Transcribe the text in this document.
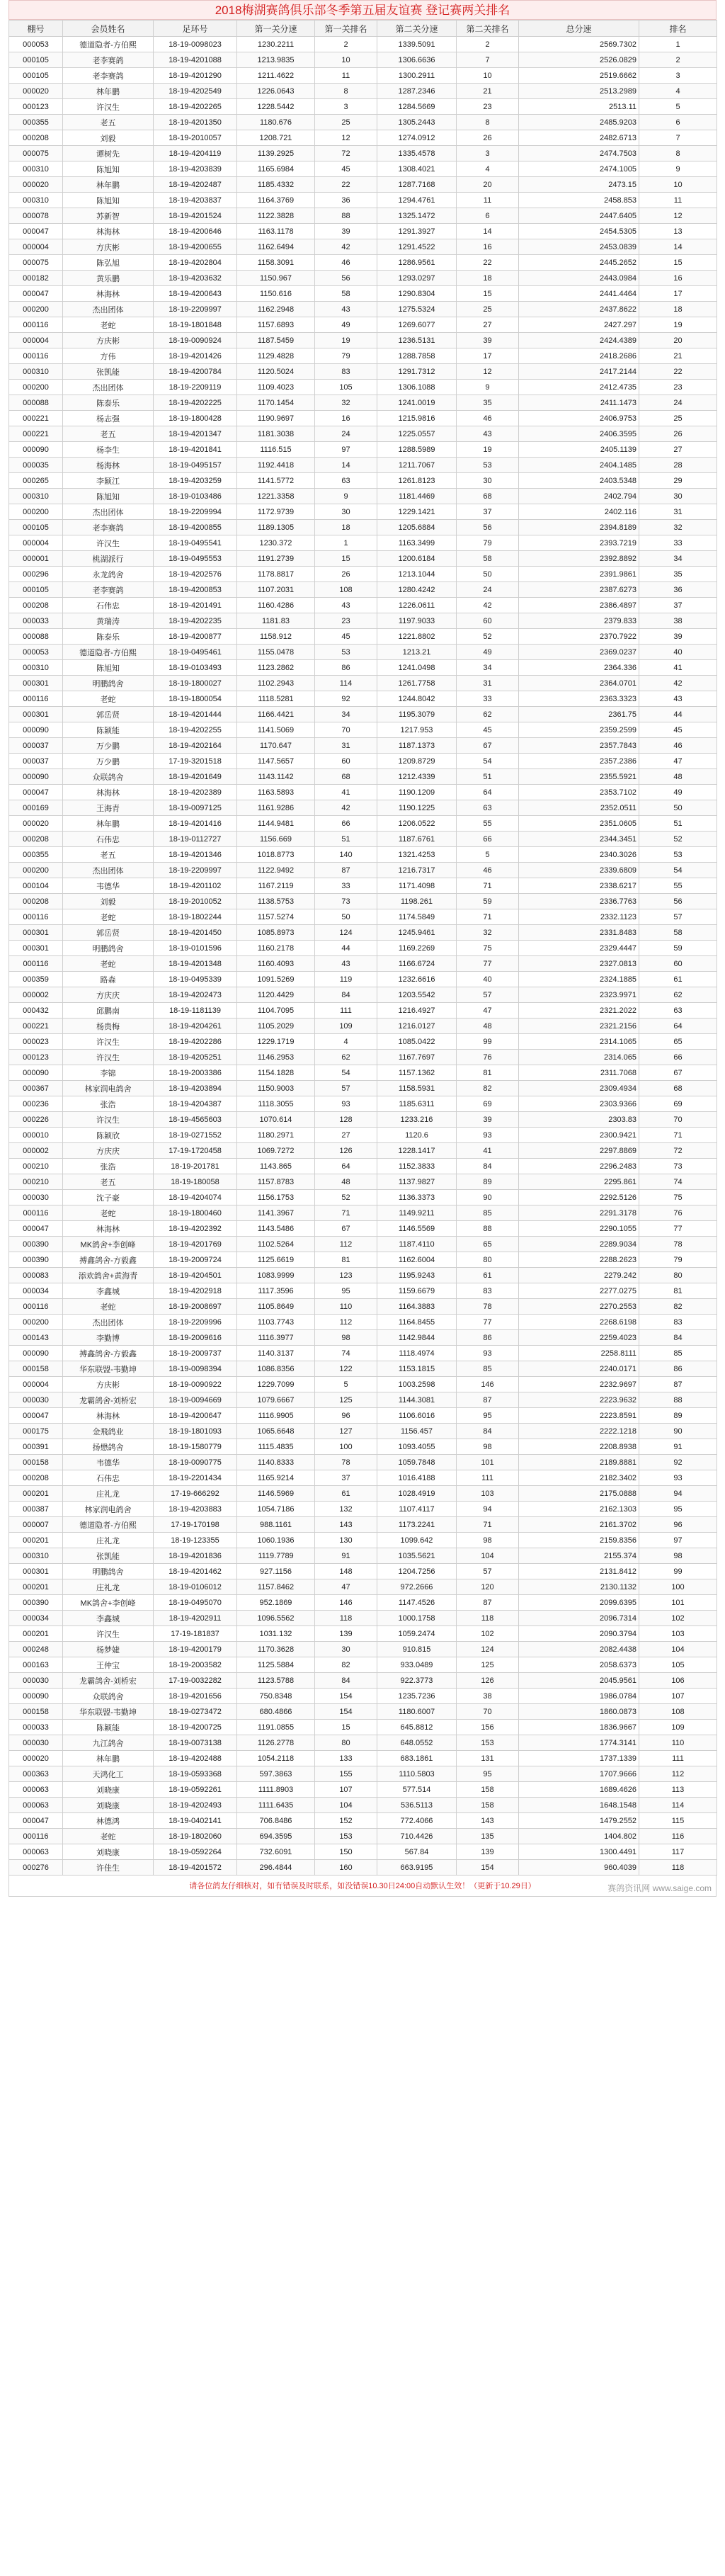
2018梅湖赛鸽俱乐部冬季第五届友谊赛 登记赛两关排名
棚号	会员姓名	足环号	第一关分速	第一关排名	第二关分速	第二关排名	总分速	排名
000053	德道隐者-方伯熙	18-19-0098023	1230.2211	2	1339.5091	2	2569.7302	1
000105	老李赛鸽	18-19-4201088	1213.9835	10	1306.6636	7	2526.0829	2
000105	老李赛鸽	18-19-4201290	1211.4622	11	1300.2911	10	2519.6662	3
000020	林年鹏	18-19-4202549	1226.0643	8	1287.2346	21	2513.2989	4
000123	许汉生	18-19-4202265	1228.5442	3	1284.5669	23	2513.11	5
000355	老五	18-19-4201350	1180.676	25	1305.2443	8	2485.9203	6
000208	刘毅	18-19-2010057	1208.721	12	1274.0912	26	2482.6713	7
000075	谭树先	18-19-4204119	1139.2925	72	1335.4578	3	2474.7503	8
000310	陈旭知	18-19-4203839	1165.6984	45	1308.4021	4	2474.1005	9
000020	林年鹏	18-19-4202487	1185.4332	22	1287.7168	20	2473.15	10
000310	陈旭知	18-19-4203837	1164.3769	36	1294.4761	11	2458.853	11
000078	苏新智	18-19-4201524	1122.3828	88	1325.1472	6	2447.6405	12
000047	林海林	18-19-4200646	1163.1178	39	1291.3927	14	2454.5305	13
000004	方庆彬	18-19-4200655	1162.6494	42	1291.4522	16	2453.0839	14
000075	陈弘旭	18-19-4202804	1158.3091	46	1286.9561	22	2445.2652	15
000182	黄乐鹏	18-19-4203632	1150.967	56	1293.0297	18	2443.0984	16
000047	林海林	18-19-4200643	1150.616	58	1290.8304	15	2441.4464	17
000200	杰出团体	18-19-2209997	1162.2948	43	1275.5324	25	2437.8622	18
000116	老蛇	18-19-1801848	1157.6893	49	1269.6077	27	2427.297	19
000004	方庆彬	18-19-0090924	1187.5459	19	1236.5131	39	2424.4389	20
000116	方伟	18-19-4201426	1129.4828	79	1288.7858	17	2418.2686	21
000310	张凯能	18-19-4200784	1120.5024	83	1291.7312	12	2417.2144	22
000200	杰出团体	18-19-2209119	1109.4023	105	1306.1088	9	2412.4735	23
000088	陈泰乐	18-19-4202225	1170.1454	32	1241.0019	35	2411.1473	24
000221	杨志强	18-19-1800428	1190.9697	16	1215.9816	46	2406.9753	25
000221	老五	18-19-4201347	1181.3038	24	1225.0557	43	2406.3595	26
000090	杨李生	18-19-4201841	1116.515	97	1288.5989	19	2405.1139	27
000035	杨海林	18-19-0495157	1192.4418	14	1211.7067	53	2404.1485	28
000265	李颖江	18-19-4203259	1141.5772	63	1261.8123	30	2403.5348	29
000310	陈旭知	18-19-0103486	1221.3358	9	1181.4469	68	2402.794	30
000200	杰出团体	18-19-2209994	1172.9739	30	1229.1421	37	2402.116	31
000105	老李赛鸽	18-19-4200855	1189.1305	18	1205.6884	56	2394.8189	32
000004	许汉生	18-19-0495541	1230.372	1	1163.3499	79	2393.7219	33
000001	桃湖派行	18-19-0495553	1191.2739	15	1200.6184	58	2392.8892	34
000296	永龙鸽舍	18-19-4202576	1178.8817	26	1213.1044	50	2391.9861	35
000105	老李赛鸽	18-19-4200853	1107.2031	108	1280.4242	24	2387.6273	36
000208	石伟忠	18-19-4201491	1160.4286	43	1226.0611	42	2386.4897	37
000033	黄瑞涛	18-19-4202235	1181.83	23	1197.9033	60	2379.833	38
000088	陈泰乐	18-19-4200877	1158.912	45	1221.8802	52	2370.7922	39
000053	德道隐者-方伯熙	18-19-0495461	1155.0478	53	1213.21	49	2369.0237	40
000310	陈旭知	18-19-0103493	1123.2862	86	1241.0498	34	2364.336	41
000301	明鹏鸽舍	18-19-1800027	1102.2943	114	1261.7758	31	2364.0701	42
000116	老蛇	18-19-1800054	1118.5281	92	1244.8042	33	2363.3323	43
000301	郭岳贤	18-19-4201444	1166.4421	34	1195.3079	62	2361.75	44
000090	陈颖能	18-19-4202255	1141.5069	70	1217.953	45	2359.2599	45
000037	万少鹏	18-19-4202164	1170.647	31	1187.1373	67	2357.7843	46
000037	万少鹏	17-19-3201518	1147.5657	60	1209.8729	54	2357.2386	47
000090	众联鸽舍	18-19-4201649	1143.1142	68	1212.4339	51	2355.5921	48
000047	林海林	18-19-4202389	1163.5893	41	1190.1209	64	2353.7102	49
000169	王海青	18-19-0097125	1161.9286	42	1190.1225	63	2352.0511	50
000020	林年鹏	18-19-4201416	1144.9481	66	1206.0522	55	2351.0605	51
000208	石伟忠	18-19-0112727	1156.669	51	1187.6761	66	2344.3451	52
000355	老五	18-19-4201346	1018.8773	140	1321.4253	5	2340.3026	53
000200	杰出团体	18-19-2209997	1122.9492	87	1216.7317	46	2339.6809	54
000104	韦德华	18-19-4201102	1167.2119	33	1171.4098	71	2338.6217	55
000208	刘毅	18-19-2010052	1138.5753	73	1198.261	59	2336.7763	56
000116	老蛇	18-19-1802244	1157.5274	50	1174.5849	71	2332.1123	57
000301	郭岳贤	18-19-4201450	1085.8973	124	1245.9461	32	2331.8483	58
000301	明鹏鸽舍	18-19-0101596	1160.2178	44	1169.2269	75	2329.4447	59
000116	老蛇	18-19-4201348	1160.4093	43	1166.6724	77	2327.0813	60
000359	路森	18-19-0495339	1091.5269	119	1232.6616	40	2324.1885	61
000002	方庆庆	18-19-4202473	1120.4429	84	1203.5542	57	2323.9971	62
000432	邱鹏南	18-19-1181139	1104.7095	111	1216.4927	47	2321.2022	63
000221	杨贵梅	18-19-4204261	1105.2029	109	1216.0127	48	2321.2156	64
000023	许汉生	18-19-4202286	1229.1719	4	1085.0422	99	2314.1065	65
000123	许汉生	18-19-4205251	1146.2953	62	1167.7697	76	2314.065	66
000090	李锦	18-19-2003386	1154.1828	54	1157.1362	81	2311.7068	67
000367	林家润电鸽舍	18-19-4203894	1150.9003	57	1158.5931	82	2309.4934	68
000236	张浩	18-19-4204387	1118.3055	93	1185.6311	69	2303.9366	69
000226	许汉生	18-19-4565603	1070.614	128	1233.216	39	2303.83	70
000010	陈颖欣	18-19-0271552	1180.2971	27	1120.6	93	2300.9421	71
000002	方庆庆	17-19-1720458	1069.7272	126	1228.1417	41	2297.8869	72
000210	张浩	18-19-201781	1143.865	64	1152.3833	84	2296.2483	73
000210	老五	18-19-180058	1157.8783	48	1137.9827	89	2295.861	74
000030	沈子豪	18-19-4204074	1156.1753	52	1136.3373	90	2292.5126	75
000116	老蛇	18-19-1800460	1141.3967	71	1149.9211	85	2291.3178	76
000047	林海林	18-19-4202392	1143.5486	67	1146.5569	88	2290.1055	77
000390	MK鸽舍+李创峰	18-19-4201769	1102.5264	112	1187.4110	65	2289.9034	78
000390	搏鑫鸽舍-方毅鑫	18-19-2009724	1125.6619	81	1162.6004	80	2288.2623	79
000083	添欢鸽舍+黄海青	18-19-4204501	1083.9999	123	1195.9243	61	2279.242	80
000034	李鑫城	18-19-4202918	1117.3596	95	1159.6679	83	2277.0275	81
000116	老蛇	18-19-2008697	1105.8649	110	1164.3883	78	2270.2553	82
000200	杰出团体	18-19-2209996	1103.7743	112	1164.8455	77	2268.6198	83
000143	李勤博	18-19-2009616	1116.3977	98	1142.9844	86	2259.4023	84
000090	搏鑫鸽舍-方毅鑫	18-19-2009737	1140.3137	74	1118.4974	93	2258.8111	85
000158	华东联盟-韦勤坤	18-19-0098394	1086.8356	122	1153.1815	85	2240.0171	86
000004	方庆彬	18-19-0090922	1229.7099	5	1003.2598	146	2232.9697	87
000030	龙霸鸽舍-刘桥宏	18-19-0094669	1079.6667	125	1144.3081	87	2223.9632	88
000047	林海林	18-19-4200647	1116.9905	96	1106.6016	95	2223.8591	89
000175	金飛鸽业	18-19-1801093	1065.6648	127	1156.457	84	2222.1218	90
000391	扬懋鸽舍	18-19-1580779	1115.4835	100	1093.4055	98	2208.8938	91
000158	韦德华	18-19-0090775	1140.8333	78	1059.7848	101	2189.8881	92
000208	石伟忠	18-19-2201434	1165.9214	37	1016.4188	111	2182.3402	93
000201	庄礼龙	17-19-666292	1146.5969	61	1028.4919	103	2175.0888	94
000387	林家润电鸽舍	18-19-4203883	1054.7186	132	1107.4117	94	2162.1303	95
000007	德道隐者-方伯熙	17-19-170198	988.1161	143	1173.2241	71	2161.3702	96
000201	庄礼龙	18-19-123355	1060.1936	130	1099.642	98	2159.8356	97
000310	张凯能	18-19-4201836	1119.7789	91	1035.5621	104	2155.374	98
000301	明鹏鸽舍	18-19-4201462	927.1156	148	1204.7256	57	2131.8412	99
000201	庄礼龙	18-19-0106012	1157.8462	47	972.2666	120	2130.1132	100
000390	MK鸽舍+李创峰	18-19-0495070	952.1869	146	1147.4526	87	2099.6395	101
000034	李鑫城	18-19-4202911	1096.5562	118	1000.1758	118	2096.7314	102
000201	许汉生	17-19-181837	1031.132	139	1059.2474	102	2090.3794	103
000248	杨梦婕	18-19-4200179	1170.3628	30	910.815	124	2082.4438	104
000163	王仲宝	18-19-2003582	1125.5884	82	933.0489	125	2058.6373	105
000030	龙霸鸽舍-刘桥宏	17-19-0032282	1123.5788	84	922.3773	126	2045.9561	106
000090	众联鸽舍	18-19-4201656	750.8348	154	1235.7236	38	1986.0784	107
000158	华东联盟-韦勤坤	18-19-0273472	680.4866	154	1180.6007	70	1860.0873	108
000033	陈颖能	18-19-4200725	1191.0855	15	645.8812	156	1836.9667	109
000030	九江鸽舍	18-19-0073138	1126.2778	80	648.0552	153	1774.3141	110
000020	林年鹏	18-19-4202488	1054.2118	133	683.1861	131	1737.1339	111
000363	天鸿化工	18-19-0593368	597.3863	155	1110.5803	95	1707.9666	112
000063	刘晓康	18-19-0592261	1111.8903	107	577.514	158	1689.4626	113
000063	刘晓康	18-19-4202493	1111.6435	104	536.5113	158	1648.1548	114
000047	林德鸿	18-19-0402141	706.8486	152	772.4066	143	1479.2552	115
000116	老蛇	18-19-1802060	694.3595	153	710.4426	135	1404.802	116
000063	刘晓康	18-19-0592264	732.6091	150	567.84	139	1300.4491	117
000276	许佳生	18-19-4201572	296.4844	160	663.9195	154	960.4039	118
请各位鸽友仔细核对，如有错误及时联系，如没错误10.30日24:00自动默认生效！（更新于10.29日）	赛鸽资讯网 www.saige.com
